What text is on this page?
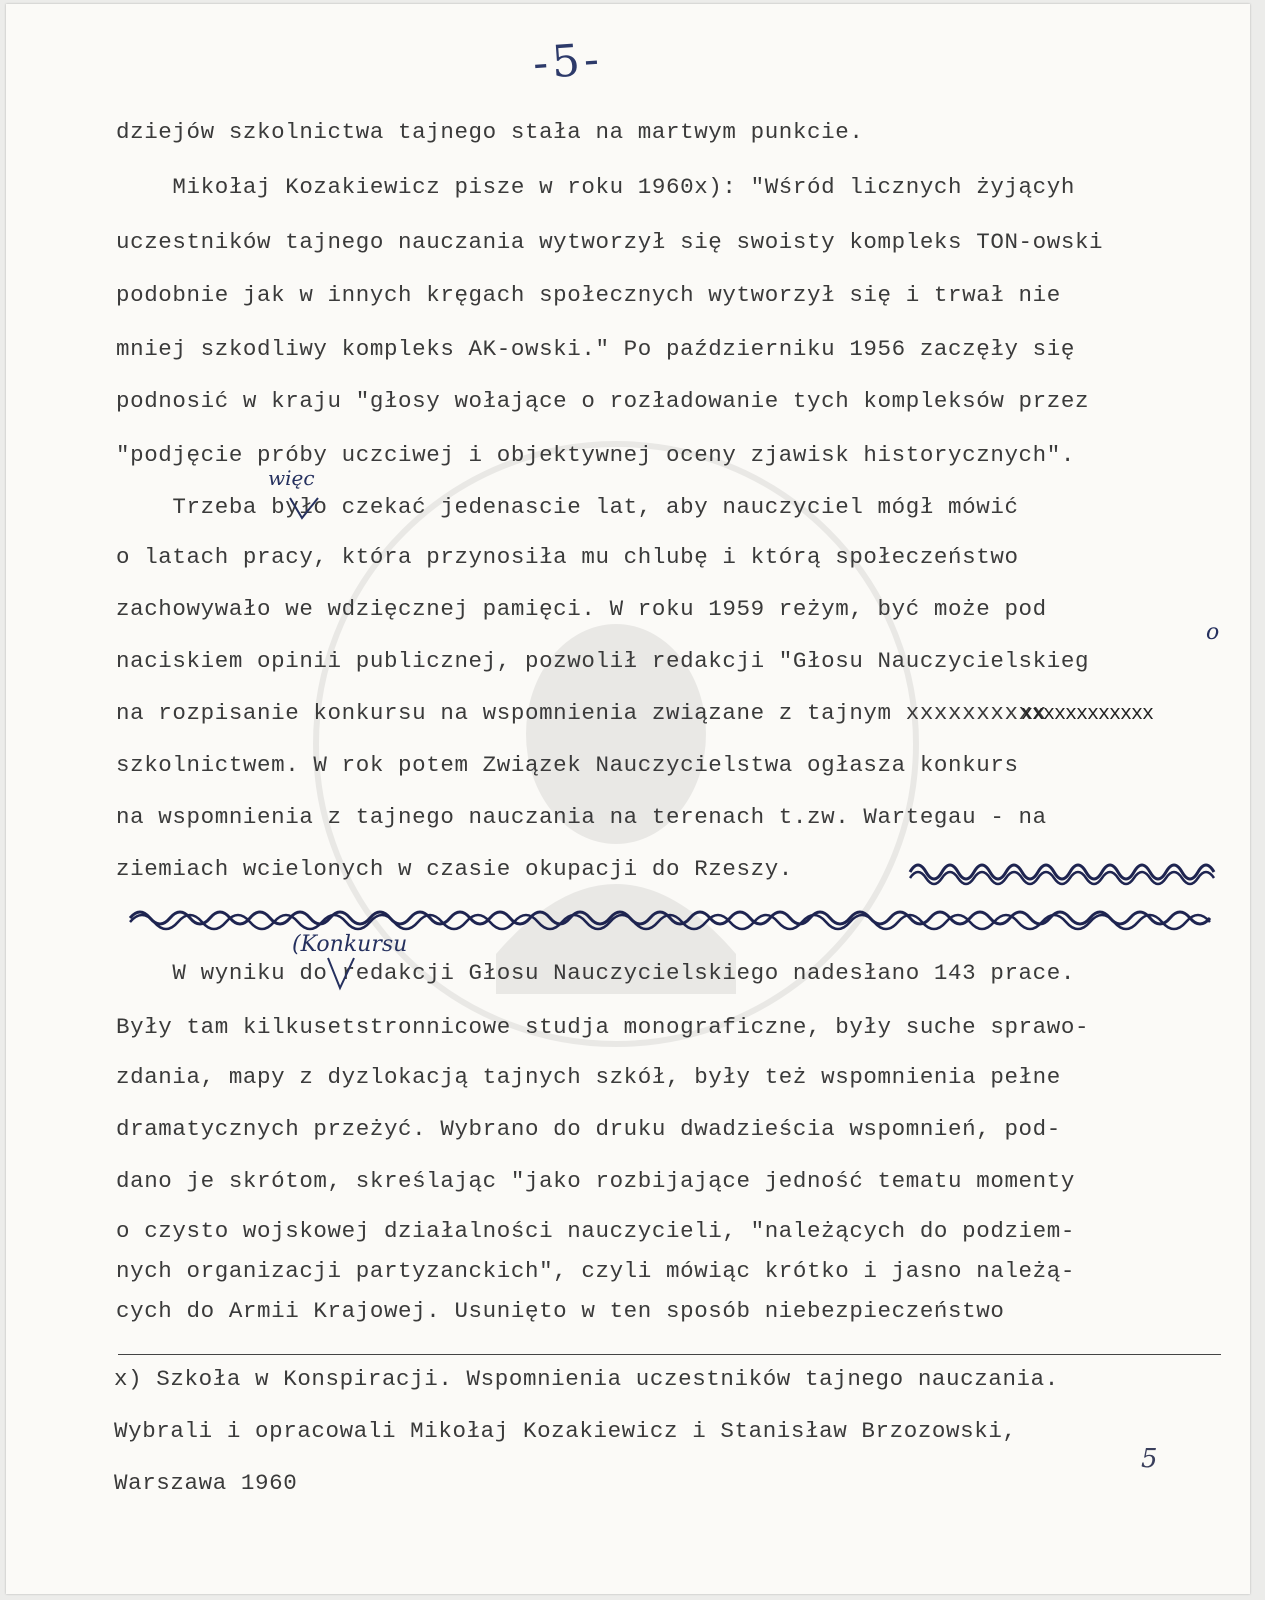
-5-
dziejów szkolnictwa tajnego stała na martwym punkcie.
Mikołaj Kozakiewicz pisze w roku 1960x): "Wśród licznych żyjącyh
uczestników tajnego nauczania wytworzył się swoisty kompleks TON-owski
podobnie jak w innych kręgach społecznych wytworzył się i trwał nie
mniej szkodliwy kompleks AK-owski." Po październiku 1956 zaczęły się
podnosić w kraju "głosy wołające o rozładowanie tych kompleksów przez
"podjęcie próby uczciwej i objektywnej oceny zjawisk historycznych".
Trzeba było czekać jedenascie lat, aby nauczyciel mógł mówić
o latach pracy, która przynosiła mu chlubę i którą społeczeństwo
zachowywało we wdzięcznej pamięci. W roku 1959 reżym, być może pod
naciskiem opinii publicznej, pozwolił redakcji "Głosu Nauczycielskieg
na rozpisanie konkursu na wspomnienia związane z tajnym xxxxxxxxxx
szkolnictwem. W rok potem Związek Nauczycielstwa ogłasza konkurs
na wspomnienia z tajnego nauczania na terenach t.zw. Wartegau - na
ziemiach wcielonych w czasie okupacji do Rzeszy.
W wyniku do redakcji Głosu Nauczycielskiego nadesłano 143 prace.
Były tam kilkusetstronnicowe studja monograficzne, były suche sprawo-
zdania, mapy z dyzlokacją tajnych szkół, były też wspomnienia pełne
dramatycznych przeżyć. Wybrano do druku dwadzieścia wspomnień, pod-
dano je skrótom, skreślając "jako rozbijające jedność tematu momenty
o czysto wojskowej działalności nauczycieli, "należących do podziem-
nych organizacji partyzanckich", czyli mówiąc krótko i jasno należą-
cych do Armii Krajowej. Usunięto w ten sposób niebezpieczeństwo
xxxxxxxxxxxx
więc
o
(Konkursu
x) Szkoła w Konspiracji. Wspomnienia uczestników tajnego nauczania.
Wybrali i opracowali Mikołaj Kozakiewicz i Stanisław Brzozowski,
Warszawa 1960
5
